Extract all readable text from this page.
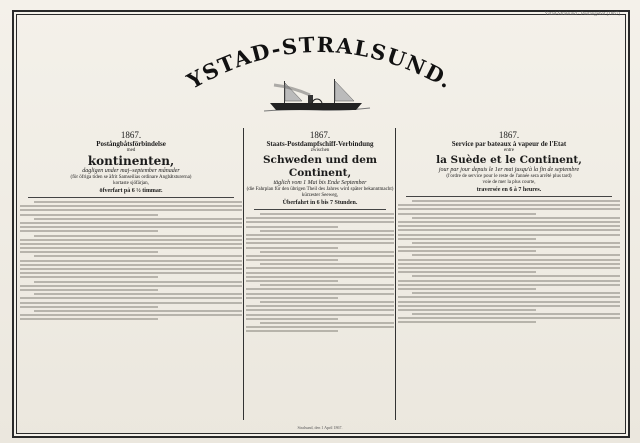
Ystad-Stralsund · Postangebot (1867)
YSTAD-STRALSUND.
1867.
Postångbåtsförbindelse
med
kontinenten,
dagligen under maj–september månader
(för öfriga tiden se äfrit Samseilias ordinare Angbåtsturerna)
kortaste sjöfärjan,
öfverfart på 6 ½ timmar.
1867.
Staats-Postdampfschiff-Verbindung
zwischen
Schweden und dem Continent,
täglich vom 1 Mai bis Ende September
(die Fahrplan für den übrigen Theil des Jahres wird später bekanntmacht)
kürzester Seeweg,
Überfahrt in 6 bis 7 Stunden.
1867.
Service par bateaux à vapeur de l'Etat
entre
la Suède et le Continent,
jour par jour depuis le 1er mai jusqu'à la fin de septembre
(l'ordre de service pour le reste de l'année sera arrêté plus tard)
voie de mer la plus courte,
traversée en 6 à 7 heures.
Stralsund, den 1 April 1867.
